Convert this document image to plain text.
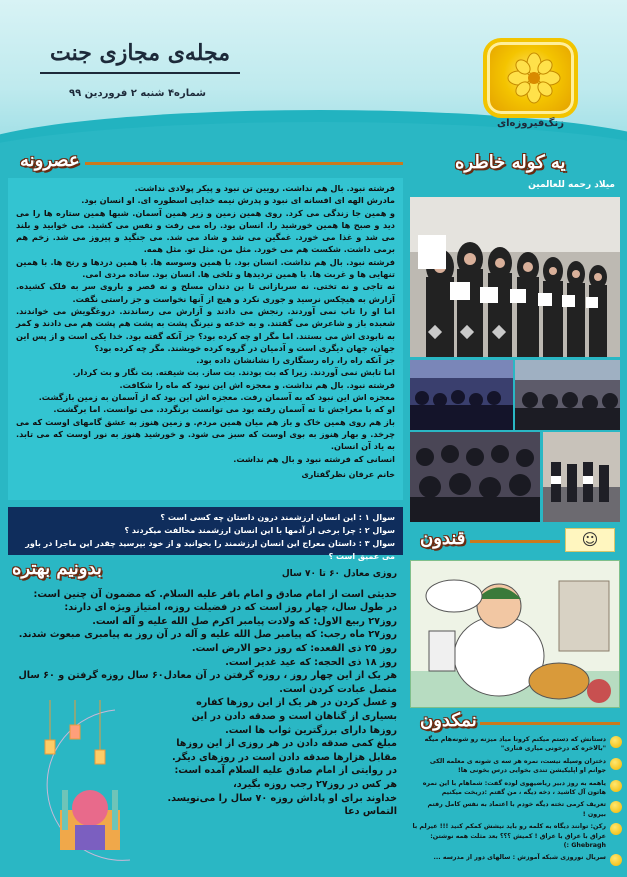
مجله‌ی مجازی جنت
شماره۴ شنبه ۲ فروردین ۹۹
زنگ‌فیروزه‌ای
عصرونه	یه کوله خاطره
قندون
نمکدون
بدونیم بهتره

فرشته نبود. بال هم نداشت. رویین تن نبود و پیکر پولادی نداشت.

مادرش الهه ای افسانه ای نبود و پدرش نیمه خدایی اسطوره ای. او انسان بود.

و همین جا زندگی می کرد. روی همین زمین و زیر همین آسمان. شبها همین ستاره ها را می دید و صبح ها همین خورشید را. انسان بود. راه می رفت و نفس می کشید. می خوابید و بلند می شد و غذا می خورد. غمگین می شد و شاد می شد. می جنگید و پیروز می شد. زخم هم برمی داشت. شکست هم می خورد. مثل من. مثل تو. مثل همه.

فرشته نبود. بال هم نداشت. انسان بود. با همین وسوسه ها. با همین دردها و رنج ها. با همین تنهایی ها و غربت ها. با همین تردیدها و تلخی ها. انسان بود. ساده مردی امی.

نه تاجی و نه تختی. نه سربازانی تا بن دندان مسلح و نه قصر و باروی سر به فلک کشیده. آزارش به هیچکس نرسید و جوری نکرد و هیچ از آنها نخواست و جز راستی نگفت.

اما او را تاب نمی آوردند. رنجش می دادند و آزارش می رساندند. دروغگویش می خواندند. شعبده باز و شاعرش می گفتند. و به خدعه و نیرنگ پشت به پشت هم پشت هم می دادند و کمر به نابودی اش می بستند. اما مگر او چه کرده بود؟ جز آنکه گفته بود. خدا یکی است و از پس این جهان، جهان دیگری است و آدمیان در گروه کرده خویشند. مگر چه کرده بود؟

جز آنکه راه را، راه رستگاری را نشانشان داده بود.

اما تابش نمی آوردند. زیرا که بت بودند. بت ساز. بت شیفته. بت نگار و بت کردار.

فرشته نبود. بال هم نداشت. و معجزه اش این نبود که ماه را شکافت.

معجزه اش این نبود که به آسمان رفت. معجزه اش این بود که از آسمان به زمین بازگشت.

او که با معراجش تا ته آسمان رفته بود می توانست برنگردد. می توانست. اما برگشت.

باز هم روی همین خاک و باز هم میان همین مردم. و زمین هنوز به عشق گامهای اوست که می چرخد. و بهار هنوز به بوی اوست که سبز می شود. و خورشید هنوز به نور اوست که می تابد. به یاد آن انسان.

انسانی که فرشته نبود و بال هم نداشت.

خانم عرفان نظرگفتاری

سوال ۱ : این انسان ارزشمند درون داستان چه کسی است ؟

سوال ۲ : چرا برخی از آدمها با این انسان ارزشمند مخالفت میکردند ؟

سوال ۳ : داستان معراج این انسان ارزشمند را بخوانید و از خود بپرسید چقدر این ماجرا در باور می عمیق است ؟

روزی معادل ۶۰ تا ۷۰ سال

حدیثی است از امام صادق و امام باقر علیه السلام. که مضمون آن چنین است:

در طول سال، چهار روز است که در فضیلت روزه، امتیاز ویژه ای دارند:

روز۲۷ ربیع الاول: که ولادت پیامبر اکرم صل الله علیه و آله است.

روز۲۷ ماه رجب: که پیامبر صل الله علیه و آله در آن روز به پیامبری مبعوث شدند.

روز ۲۵ ذی القعده: که روز دحو الارض است.

روز ۱۸ ذی الحجه: که عید غدیر است.

هر یک از این چهار روز ، روزه گرفتن در آن معادل۶۰ سال روزه گرفتن و ۶۰ سال متصل عبادت کردن است.

و غسل کردن در هر یک از این روزها کفاره بسیاری از گناهان است و صدقه دادن در این روزها دارای برزگترین ثواب ها است.

مبلغ کمی صدقه دادن در هر روزی از این روزها مقابل هزارها صدقه دادن است در روزهای دیگر.

در روایتی از امام صادق علیه السلام آمده است:

هر کس در روز۲۷ رجب روزه بگیرد،

خداوند برای او پاداش روزه ۷۰ سال را می‌نویسد. التماس دعا

میلاد رحمه للعالمین
☺
دستانش که دستم میکنم کرونا میاد میزنه رو شونه‌هام میگه "بالاخره که درخونی میاری قناری"
دختران وسیله نیست، نمره هر سه ی شونه ی معلمه الکی جوانم او اپلیکیشن تندی بخوایی درس بخونی ها!
یاهمه به روز دبیر ریاضیهوی لوده گفت: شماهام با این نمره هاتون آل کاشید ، دخه دیگه ، من گفتم :دریخت میکنیم
تعریف کرمی تخته دیگه خودم با اعتماد به نفس کامل رفتم بیرون !
رکن: توانند دیگاه به کلمه رو باید نیشش کمکم کنید !!! عیرلم با عراق با عراق با عراق ! کمیش ؟؟؟ بعد مثلت همه نوشتن: Ghebragh :)
سریال نوروزی شبکه آموزش : سالهای دور از مدرسه ...
